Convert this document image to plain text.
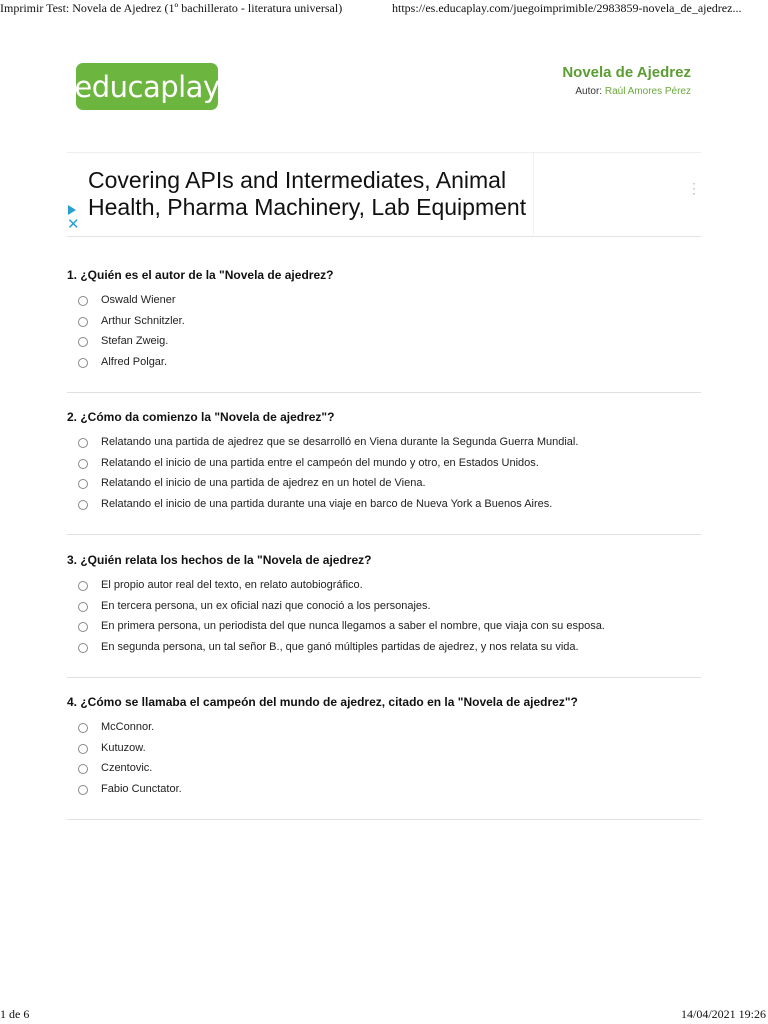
Imprimir Test: Novela de Ajedrez (1º bachillerato - literatura universal)	https://es.educaplay.com/juegoimprimible/2983859-novela_de_ajedrez...
educaplay	Novela de Ajedrez
Autor: Raúl Amores Pérez
Covering APIs and Intermediates, Animal
Health, Pharma Machinery, Lab Equipment
✕
⋮
1. ¿Quién es el autor de la "Novela de ajedrez?
Oswald Wiener
Arthur Schnitzler.
Stefan Zweig.
Alfred Polgar.
2. ¿Cómo da comienzo la "Novela de ajedrez"?
Relatando una partida de ajedrez que se desarrolló en Viena durante la Segunda Guerra Mundial.
Relatando el inicio de una partida entre el campeón del mundo y otro, en Estados Unidos.
Relatando el inicio de una partida de ajedrez en un hotel de Viena.
Relatando el inicio de una partida durante una viaje en barco de Nueva York a Buenos Aires.
3. ¿Quién relata los hechos de la "Novela de ajedrez?
El propio autor real del texto, en relato autobiográfico.
En tercera persona, un ex oficial nazi que conoció a los personajes.
En primera persona, un periodista del que nunca llegamos a saber el nombre, que viaja con su esposa.
En segunda persona, un tal señor B., que ganó múltiples partidas de ajedrez, y nos relata su vida.
4. ¿Cómo se llamaba el campeón del mundo de ajedrez, citado en la "Novela de ajedrez"?
McConnor.
Kutuzow.
Czentovic.
Fabio Cunctator.
1 de 6	14/04/2021 19:26
